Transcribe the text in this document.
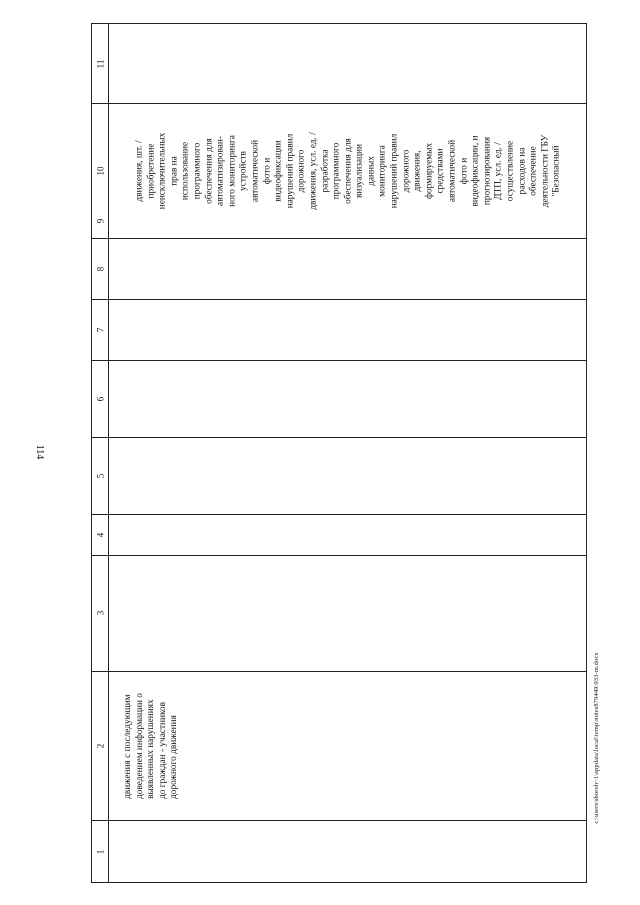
114
c:\users\sboroh~1\appdata\local\temp\notes879449\933-m.docx
11
10
9
8
7
6
5
4
3
2
1
движения, шт. / приобретение неисключительных прав на использование программного обеспечения для автоматизирован- ного мониторинга устройств автоматической фото и видеофиксации нарушений правил дорожного движения, усл. ед. / разработка программного обеспечения для визуализации данных мониторинга нарушений правил дорожного движения, формируемых средствами автоматической фото и видеофиксации, и прогнозирования ДТП, усл. ед. / осуществление расходов на обеспечение деятельности ГБУ "Безопасный
движения с последующим доведением информации о выявленных нарушениях до граждан - участников дорожного движения
